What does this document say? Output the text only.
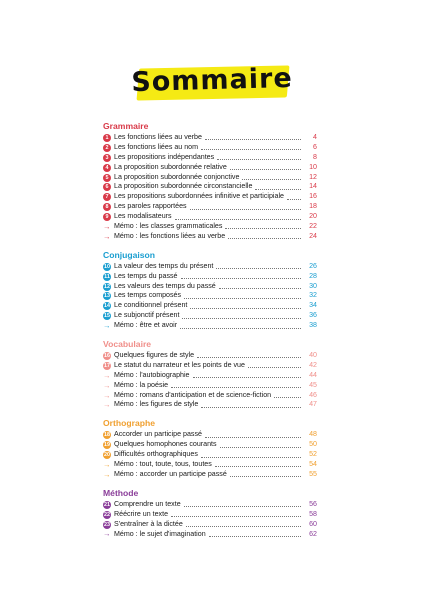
Sommaire
Grammaire
1 Les fonctions liées au verbe	4
2 Les fonctions liées au nom	6
3 Les propositions indépendantes	8
4 La proposition subordonnée relative	10
5 La proposition subordonnée conjonctive	12
6 La proposition subordonnée circonstancielle	14
7 Les propositions subordonnées infinitive et participiale	16
8 Les paroles rapportées	18
9 Les modalisateurs	20
→ Mémo : les classes grammaticales	22
→ Mémo : les fonctions liées au verbe	24
Conjugaison
10 La valeur des temps du présent	26
11 Les temps du passé	28
12 Les valeurs des temps du passé	30
13 Les temps composés	32
14 Le conditionnel présent	34
15 Le subjonctif présent	36
→ Mémo : être et avoir	38
Vocabulaire
16 Quelques figures de style	40
17 Le statut du narrateur et les points de vue	42
→ Mémo : l'autobiographie	44
→ Mémo : la poésie	45
→ Mémo : romans d'anticipation et de science-fiction	46
→ Mémo : les figures de style	47
Orthographe
18 Accorder un participe passé	48
19 Quelques homophones courants	50
20 Difficultés orthographiques	52
→ Mémo : tout, toute, tous, toutes	54
→ Mémo : accorder un participe passé	55
Méthode
21 Comprendre un texte	56
22 Réécrire un texte	58
23 S'entraîner à la dictée	60
→ Mémo : le sujet d'imagination	62
